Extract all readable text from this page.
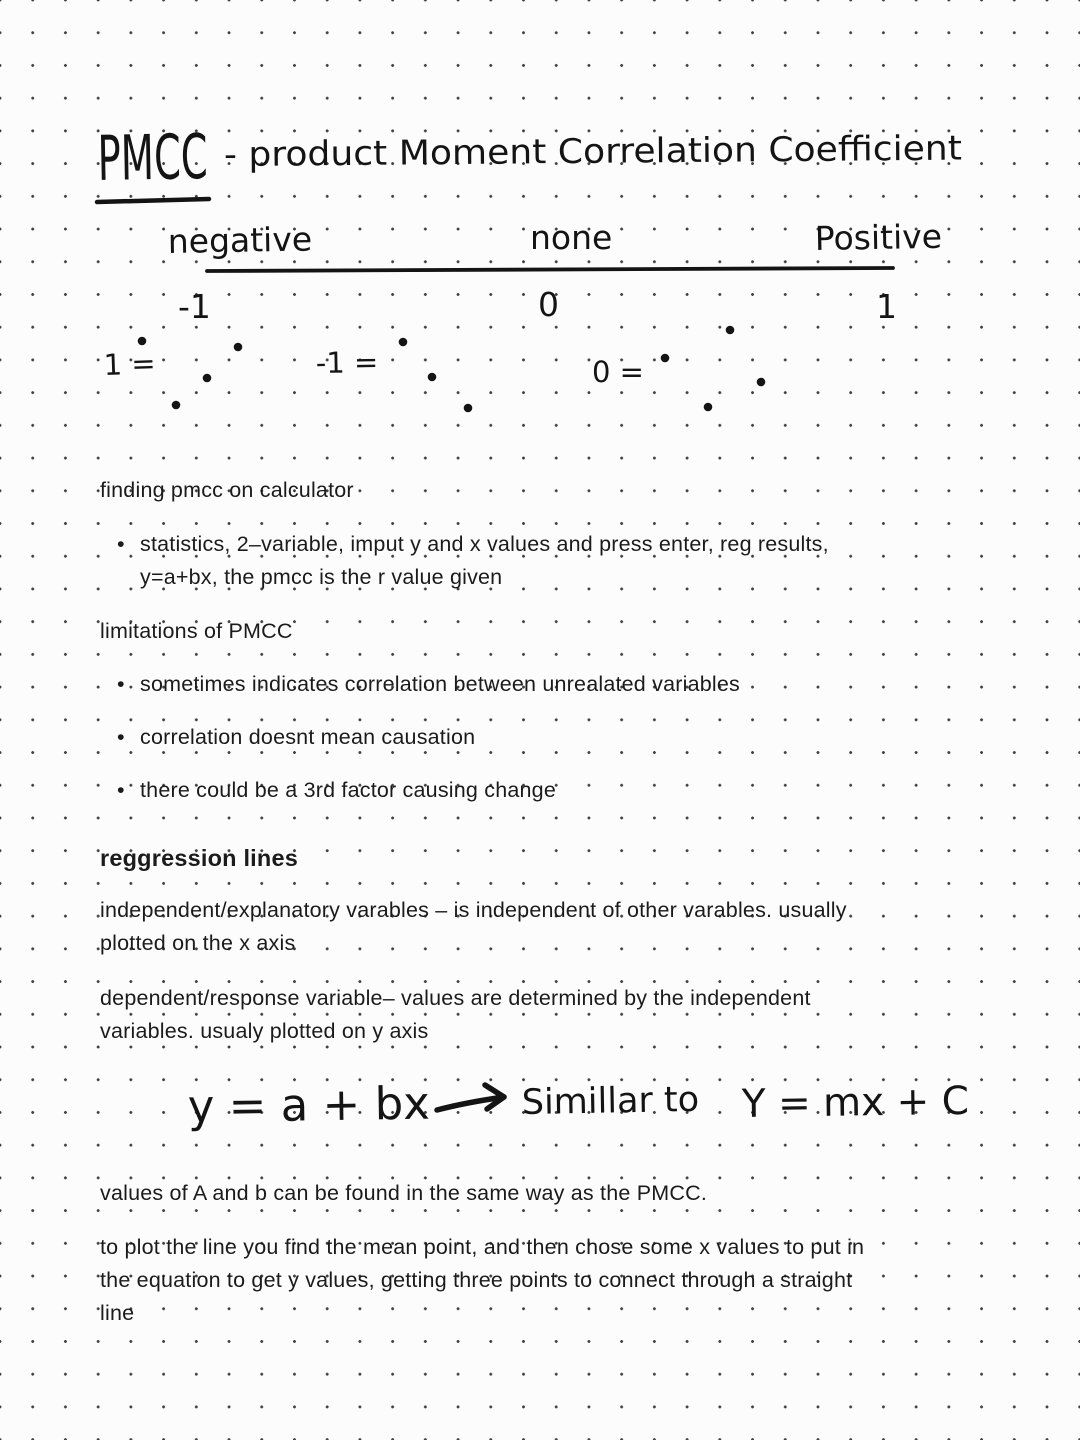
PMCC
- product Moment Correlation Coefficient
negative	none	Positive
-1	0	1
1 =	-1 =	0 =
y = a + bx	Simillar to Y = mx + C
finding pmcc on calculator
• statistics, 2–variable, imput y and x values and press enter, reg results,
y=a+bx, the pmcc is the r value given
limitations of PMCC
• sometimes indicates correlation between unrealated variables
• correlation doesnt mean causation
• there could be a 3rd factor causing change
reggression lines
independent/explanatory varables – is independent of other varables. usually
plotted on the x axis
dependent/response variable– values are determined by the independent
variables. usualy plotted on y axis
values of A and b can be found in the same way as the PMCC.
to plot the line you find the mean point, and then chose some x values to put in
the equation to get y values, getting three points to connect through a straight
line
